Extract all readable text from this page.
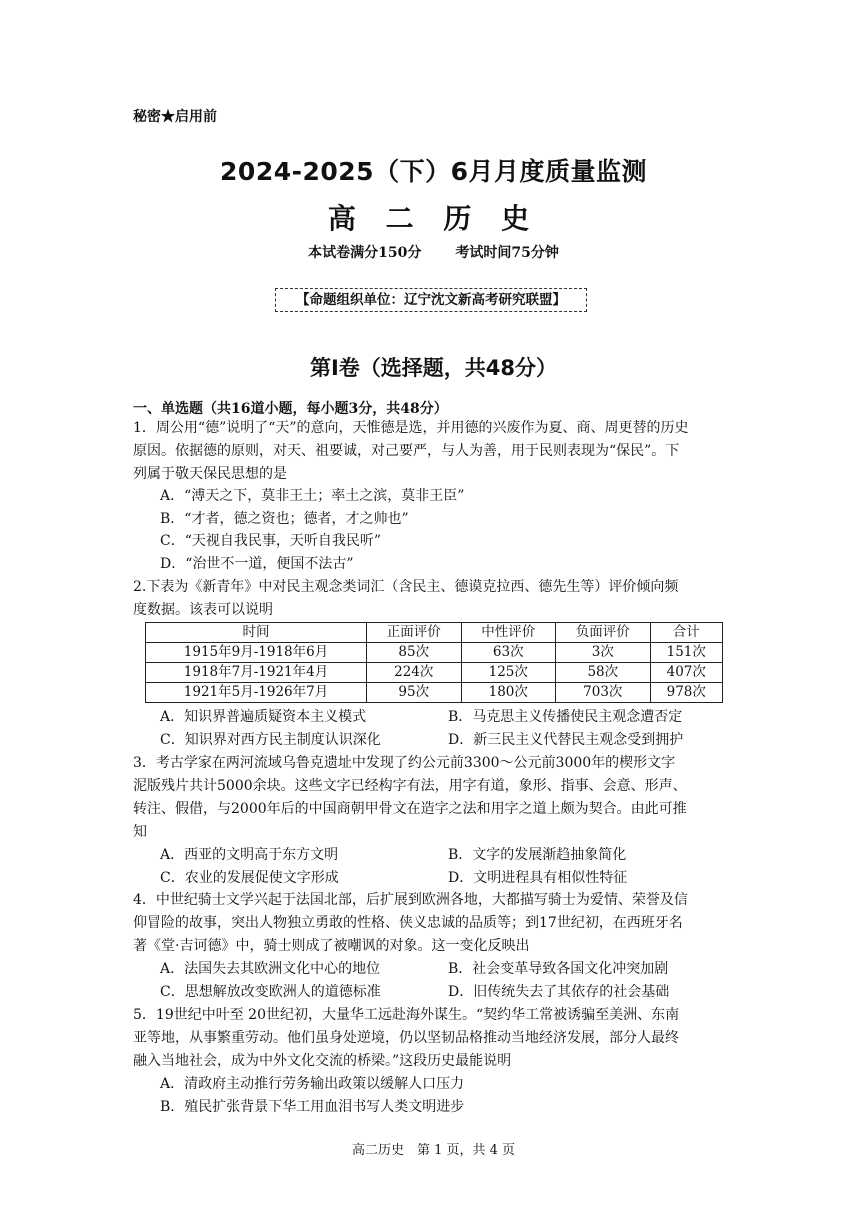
秘密★启用前
2024-2025（下）6月月度质量监测
高 二 历 史
本试卷满分150分 考试时间75分钟
【命题组织单位：辽宁沈文新高考研究联盟】
第Ⅰ卷（选择题，共48分）
一、单选题（共16道小题，每小题3分，共48分）
1．周公用“德”说明了“天”的意向，天惟德是选，并用德的兴废作为夏、商、周更替的历史
原因。依据德的原则，对天、祖要诚，对己要严，与人为善，用于民则表现为“保民”。下
列属于敬天保民思想的是
A．“溥天之下，莫非王土；率土之滨，莫非王臣”
B．“才者，德之资也；德者，才之帅也”
C．“天视自我民事，天听自我民听”
D．“治世不一道，便国不法古”
2.下表为《新青年》中对民主观念类词汇（含民主、德谟克拉西、德先生等）评价倾向频
度数据。该表可以说明
时间	正面评价	中性评价	负面评价	合计
1915年9月-1918年6月	85次	63次	3次	151次
1918年7月-1921年4月	224次	125次	58次	407次
1921年5月-1926年7月	95次	180次	703次	978次
A．知识界普遍质疑资本主义模式	B．马克思主义传播使民主观念遭否定
C．知识界对西方民主制度认识深化	D．新三民主义代替民主观念受到拥护
3．考古学家在两河流域乌鲁克遗址中发现了约公元前3300～公元前3000年的楔形文字
泥版残片共计5000余块。这些文字已经构字有法，用字有道，象形、指事、会意、形声、
转注、假借，与2000年后的中国商朝甲骨文在造字之法和用字之道上颇为契合。由此可推
知
A．西亚的文明高于东方文明	B．文字的发展渐趋抽象简化
C．农业的发展促使文字形成	D．文明进程具有相似性特征
4．中世纪骑士文学兴起于法国北部，后扩展到欧洲各地，大都描写骑士为爱情、荣誉及信
仰冒险的故事，突出人物独立勇敢的性格、侠义忠诚的品质等；到17世纪初，在西班牙名
著《堂·吉诃德》中，骑士则成了被嘲讽的对象。这一变化反映出
A．法国失去其欧洲文化中心的地位	B．社会变革导致各国文化冲突加剧
C．思想解放改变欧洲人的道德标准	D．旧传统失去了其依存的社会基础
5．19世纪中叶至 20世纪初，大量华工远赴海外谋生。“契约华工常被诱骗至美洲、东南
亚等地，从事繁重劳动。他们虽身处逆境，仍以坚韧品格推动当地经济发展，部分人最终
融入当地社会，成为中外文化交流的桥梁。”这段历史最能说明
A．清政府主动推行劳务输出政策以缓解人口压力
B．殖民扩张背景下华工用血泪书写人类文明进步
高二历史　第 1 页，共 4 页
